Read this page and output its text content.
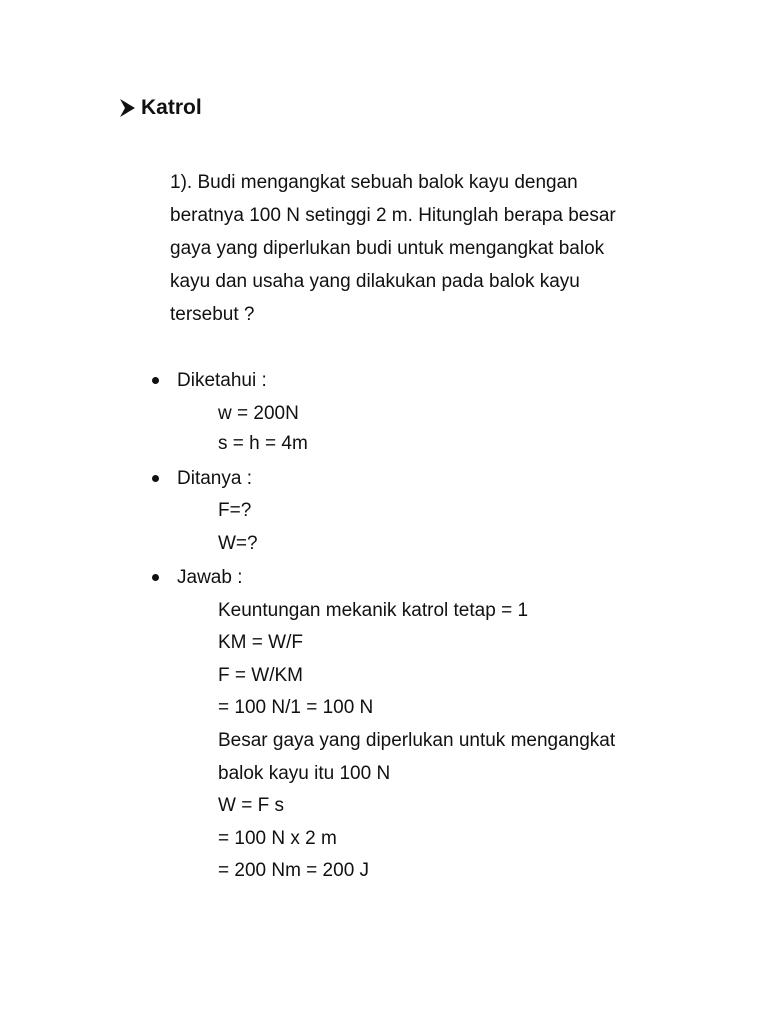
Katrol

1). Budi mengangkat sebuah balok kayu dengan

beratnya 100 N setinggi 2 m. Hitunglah berapa besar

gaya yang diperlukan budi untuk mengangkat balok

kayu dan usaha yang dilakukan pada balok kayu

tersebut ?

Diketahui :
w = 200N
s = h = 4m
Ditanya :
F=?
W=?
Jawab :
Keuntungan mekanik katrol tetap = 1
KM = W/F
F = W/KM
= 100 N/1 = 100 N
Besar gaya yang diperlukan untuk mengangkat
balok kayu itu 100 N
W = F s
= 100 N x 2 m
= 200 Nm = 200 J
